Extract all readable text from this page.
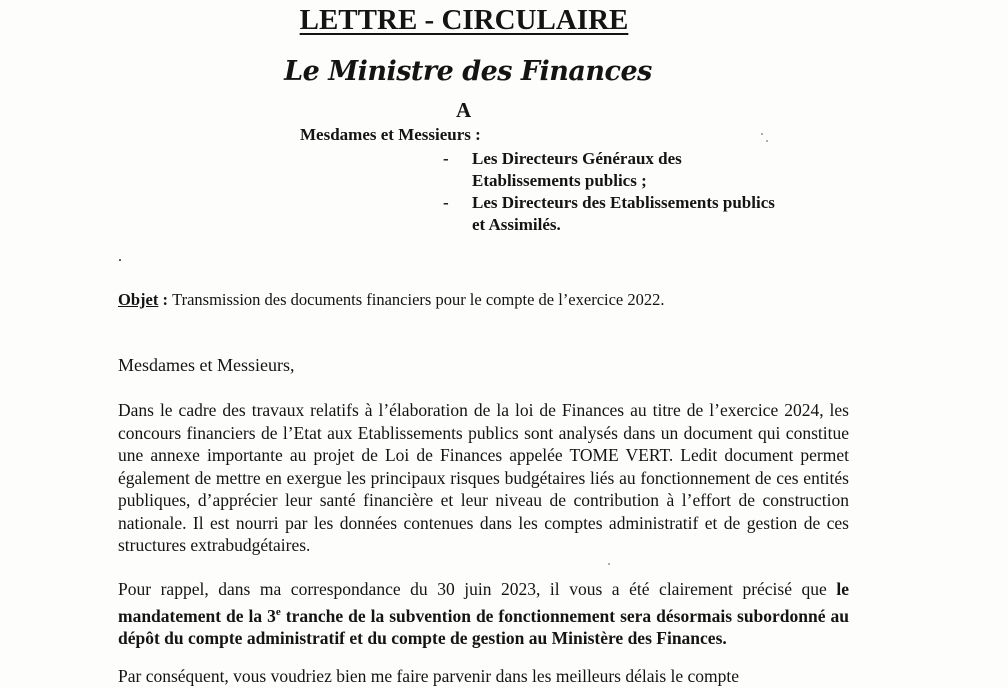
LETTRE - CIRCULAIRE
Le Ministre des Finances
A
Mesdames et Messieurs :
- Les Directeurs Généraux des
Etablissements publics ;
- Les Directeurs des Etablissements publics
et Assimilés.
.
Objet : Transmission des documents financiers pour le compte de l’exercice 2022.
Mesdames et Messieurs,
Dans le cadre des travaux relatifs à l’élaboration de la loi de Finances au titre de l’exercice 2024, les concours financiers de l’Etat aux Etablissements publics sont analysés dans un document qui constitue une annexe importante au projet de Loi de Finances appelée TOME VERT. Ledit document permet également de mettre en exergue les principaux risques budgétaires liés au fonctionnement de ces entités publiques, d’apprécier leur santé financière et leur niveau de contribution à l’effort de construction nationale. Il est nourri par les données contenues dans les comptes administratif et de gestion de ces structures extrabudgétaires.
Pour rappel, dans ma correspondance du 30 juin 2023, il vous a été clairement précisé que le mandatement de la 3e tranche de la subvention de fonctionnement sera désormais subordonné au dépôt du compte administratif et du compte de gestion au Ministère des Finances.
Par conséquent, vous voudriez bien me faire parvenir dans les meilleurs délais le compte
